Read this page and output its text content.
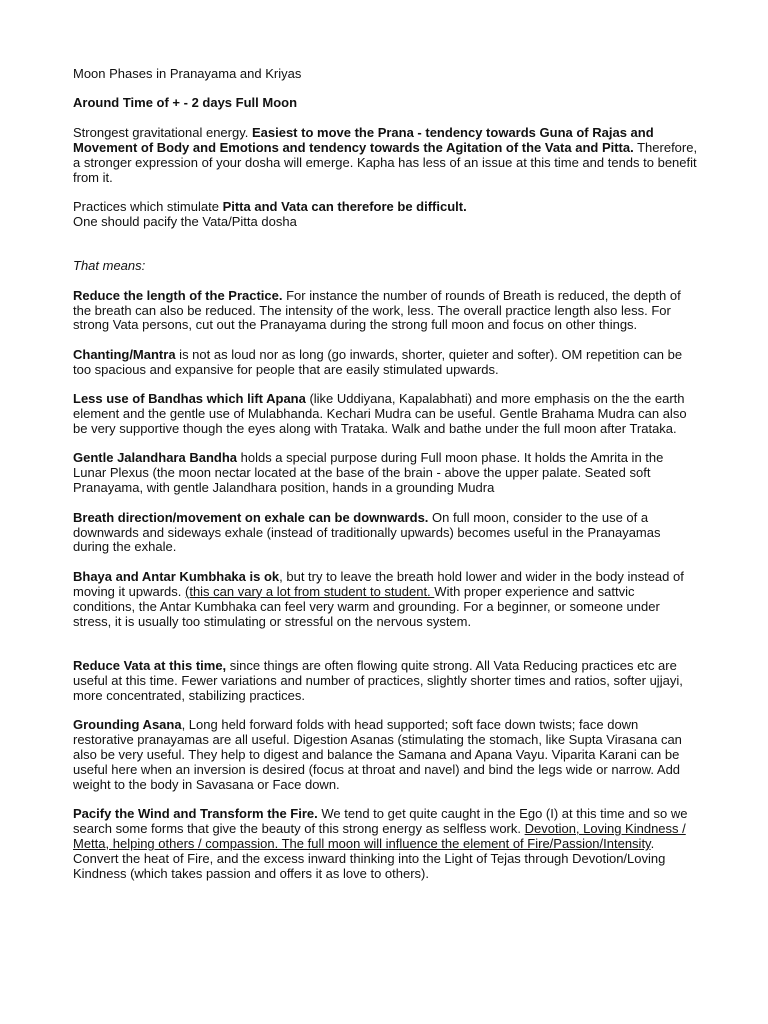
Moon Phases in Pranayama and Kriyas

Around Time of + - 2 days Full Moon

Strongest gravitational energy. Easiest to move the Prana - tendency towards Guna of Rajas and Movement of Body and Emotions and tendency towards the Agitation of the Vata and Pitta. Therefore, a stronger expression of your dosha will emerge. Kapha has less of an issue at this time and tends to benefit from it.

Practices which stimulate Pitta and Vata can therefore be difficult.
One should pacify the Vata/Pitta dosha

That means:

Reduce the length of the Practice. For instance the number of rounds of Breath is reduced, the depth of the breath can also be reduced. The intensity of the work, less. The overall practice length also less. For strong Vata persons, cut out the Pranayama during the strong full moon and focus on other things.

Chanting/Mantra is not as loud nor as long (go inwards, shorter, quieter and softer). OM repetition can be too spacious and expansive for people that are easily stimulated upwards.

Less use of Bandhas which lift Apana (like Uddiyana, Kapalabhati) and more emphasis on the the earth element and the gentle use of Mulabhanda. Kechari Mudra can be useful. Gentle Brahama Mudra can also be very supportive though the eyes along with Trataka. Walk and bathe under the full moon after Trataka.

Gentle Jalandhara Bandha holds a special purpose during Full moon phase. It holds the Amrita in the Lunar Plexus (the moon nectar located at the base of the brain - above the upper palate. Seated soft Pranayama, with gentle Jalandhara position, hands in a grounding Mudra

Breath direction/movement on exhale can be downwards. On full moon, consider to the use of a downwards and sideways exhale (instead of traditionally upwards) becomes useful in the Pranayamas during the exhale.

Bhaya and Antar Kumbhaka is ok, but try to leave the breath hold lower and wider in the body instead of moving it upwards. (this can vary a lot from student to student. With proper experience and sattvic conditions, the Antar Kumbhaka can feel very warm and grounding. For a beginner, or someone under stress, it is usually too stimulating or stressful on the nervous system.

Reduce Vata at this time, since things are often flowing quite strong. All Vata Reducing practices etc are useful at this time. Fewer variations and number of practices, slightly shorter times and ratios, softer ujjayi, more concentrated, stabilizing practices.

Grounding Asana, Long held forward folds with head supported; soft face down twists; face down restorative pranayamas are all useful. Digestion Asanas (stimulating the stomach, like Supta Virasana can also be very useful. They help to digest and balance the Samana and Apana Vayu. Viparita Karani can be useful here when an inversion is desired (focus at throat and navel) and bind the legs wide or narrow. Add weight to the body in Savasana or Face down.

Pacify the Wind and Transform the Fire. We tend to get quite caught in the Ego (I) at this time and so we search some forms that give the beauty of this strong energy as selfless work. Devotion, Loving Kindness / Metta, helping others / compassion. The full moon will influence the element of Fire/Passion/Intensity. Convert the heat of Fire, and the excess inward thinking into the Light of Tejas through Devotion/Loving Kindness (which takes passion and offers it as love to others).
